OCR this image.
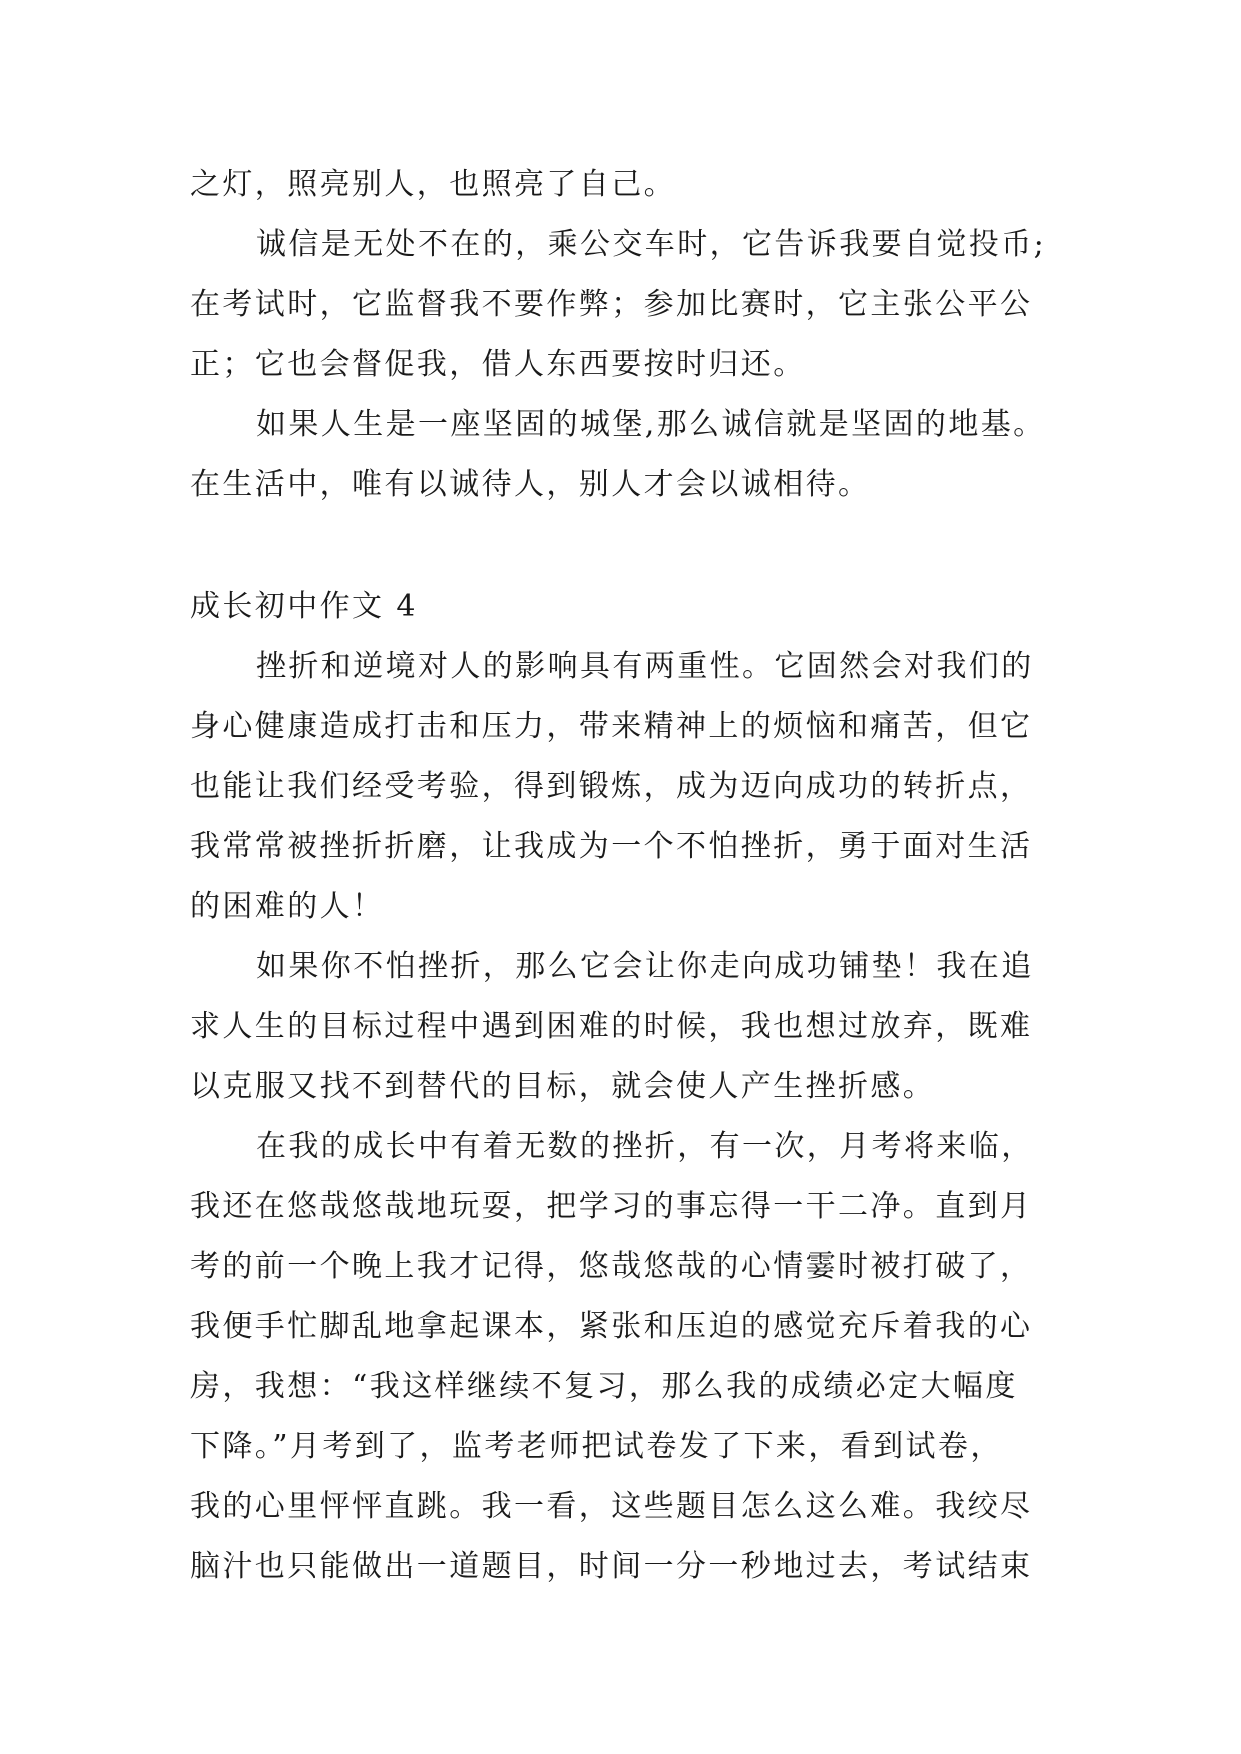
之灯，照亮别人，也照亮了自己。
诚信是无处不在的，乘公交车时，它告诉我要自觉投币;
在考试时，它监督我不要作弊；参加比赛时，它主张公平公
正；它也会督促我，借人东西要按时归还。
如果人生是一座坚固的城堡,那么诚信就是坚固的地基。
在生活中，唯有以诚待人，别人才会以诚相待。
成长初中作文 4
挫折和逆境对人的影响具有两重性。它固然会对我们的
身心健康造成打击和压力，带来精神上的烦恼和痛苦，但它
也能让我们经受考验，得到锻炼，成为迈向成功的转折点，
我常常被挫折折磨，让我成为一个不怕挫折，勇于面对生活
的困难的人！
如果你不怕挫折，那么它会让你走向成功铺垫！我在追
求人生的目标过程中遇到困难的时候，我也想过放弃，既难
以克服又找不到替代的目标，就会使人产生挫折感。
在我的成长中有着无数的挫折，有一次，月考将来临，
我还在悠哉悠哉地玩耍，把学习的事忘得一干二净。直到月
考的前一个晚上我才记得，悠哉悠哉的心情霎时被打破了，
我便手忙脚乱地拿起课本，紧张和压迫的感觉充斥着我的心
房，我想：“我这样继续不复习，那么我的成绩必定大幅度
下降。”月考到了，监考老师把试卷发了下来，看到试卷，
我的心里怦怦直跳。我一看，这些题目怎么这么难。我绞尽
脑汁也只能做出一道题目，时间一分一秒地过去，考试结束
